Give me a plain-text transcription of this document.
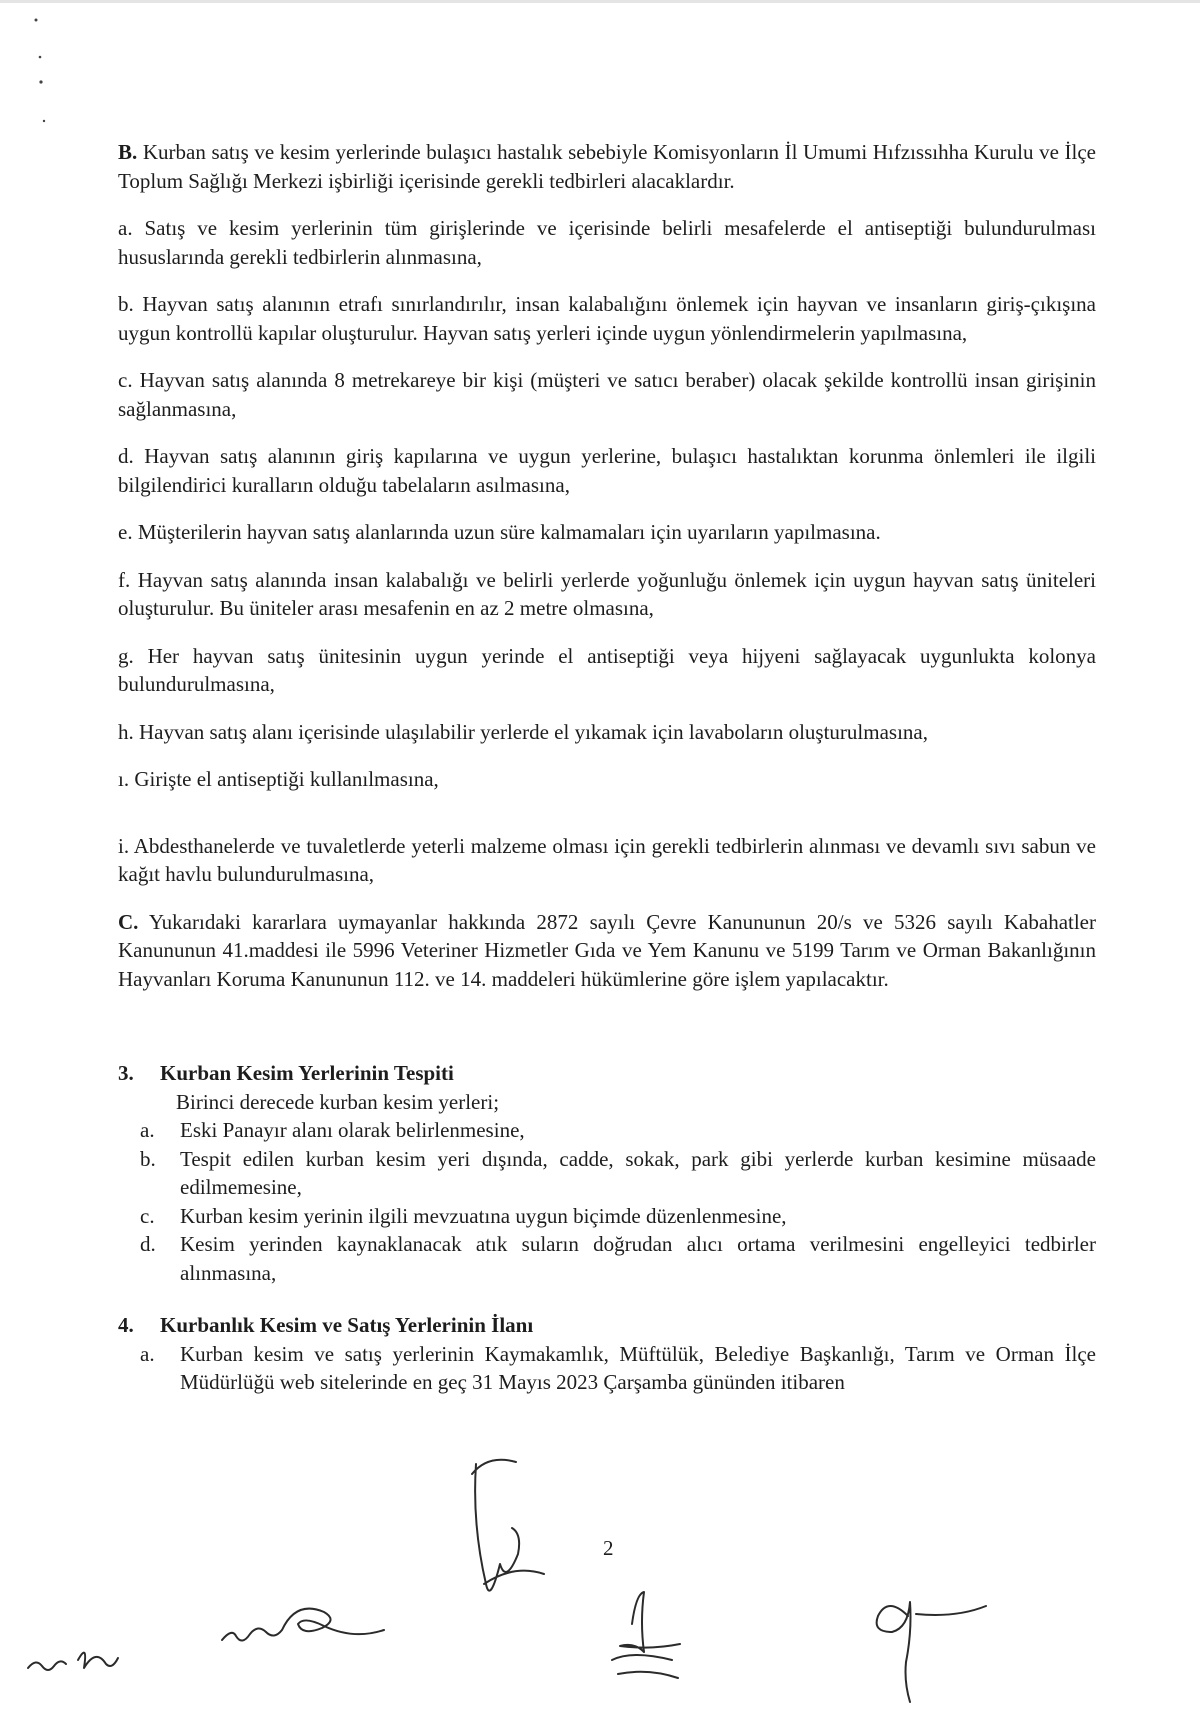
B. Kurban satış ve kesim yerlerinde bulaşıcı hastalık sebebiyle Komisyonların İl Umumi Hıfzıssıhha Kurulu ve İlçe Toplum Sağlığı Merkezi işbirliği içerisinde gerekli tedbirleri alacaklardır.

a. Satış ve kesim yerlerinin tüm girişlerinde ve içerisinde belirli mesafelerde el antiseptiği bulundurulması hususlarında gerekli tedbirlerin alınmasına,

b. Hayvan satış alanının etrafı sınırlandırılır, insan kalabalığını önlemek için hayvan ve insanların giriş-çıkışına uygun kontrollü kapılar oluşturulur. Hayvan satış yerleri içinde uygun yönlendirmelerin yapılmasına,

c. Hayvan satış alanında 8 metrekareye bir kişi (müşteri ve satıcı beraber) olacak şekilde kontrollü insan girişinin sağlanmasına,

d. Hayvan satış alanının giriş kapılarına ve uygun yerlerine, bulaşıcı hastalıktan korunma önlemleri ile ilgili bilgilendirici kuralların olduğu tabelaların asılmasına,

e. Müşterilerin hayvan satış alanlarında uzun süre kalmamaları için uyarıların yapılmasına.

f. Hayvan satış alanında insan kalabalığı ve belirli yerlerde yoğunluğu önlemek için uygun hayvan satış üniteleri oluşturulur. Bu üniteler arası mesafenin en az 2 metre olmasına,

g. Her hayvan satış ünitesinin uygun yerinde el antiseptiği veya hijyeni sağlayacak uygunlukta kolonya bulundurulmasına,

h. Hayvan satış alanı içerisinde ulaşılabilir yerlerde el yıkamak için lavaboların oluşturulmasına,

ı. Girişte el antiseptiği kullanılmasına,

i. Abdesthanelerde ve tuvaletlerde yeterli malzeme olması için gerekli tedbirlerin alınması ve devamlı sıvı sabun ve kağıt havlu bulundurulmasına,

C. Yukarıdaki kararlara uymayanlar hakkında 2872 sayılı Çevre Kanununun 20/s ve 5326 sayılı Kabahatler Kanununun 41.maddesi ile 5996 Veteriner Hizmetler Gıda ve Yem Kanunu ve 5199 Tarım ve Orman Bakanlığının Hayvanları Koruma Kanununun 112. ve 14. maddeleri hükümlerine göre işlem yapılacaktır.

3.	Kurban Kesim Yerlerinin Tespiti

Birinci derecede kurban kesim yerleri;

a.	Eski Panayır alanı olarak belirlenmesine,
b.	Tespit edilen kurban kesim yeri dışında, cadde, sokak, park gibi yerlerde kurban kesimine müsaade edilmemesine,
c.	Kurban kesim yerinin ilgili mevzuatına uygun biçimde düzenlenmesine,
d.	Kesim yerinden kaynaklanacak atık suların doğrudan alıcı ortama verilmesini engelleyici tedbirler alınmasına,

4.	Kurbanlık Kesim ve Satış Yerlerinin İlanı

a.	Kurban kesim ve satış yerlerinin Kaymakamlık, Müftülük, Belediye Başkanlığı, Tarım ve Orman İlçe Müdürlüğü web sitelerinde en geç 31 Mayıs 2023 Çarşamba gününden itibaren
2
